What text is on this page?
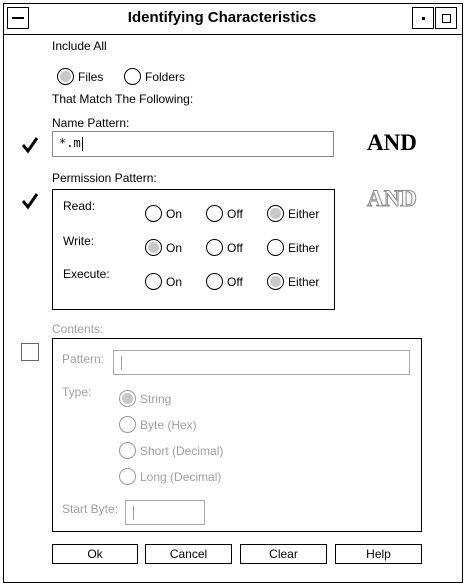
Identifying Characteristics
Include All
Files	Folders
That Match The Following:
Name Pattern:
*.m	AND
Permission Pattern:
AND
Read:
On	Off	Either
Write:	On	Off	Either
Execute:
On	Off	Either
Contents:
Pattern:
Type:	String
Byte (Hex)
Short (Decimal)
Long (Decimal)
Start Byte:
Ok	Cancel	Clear	Help
